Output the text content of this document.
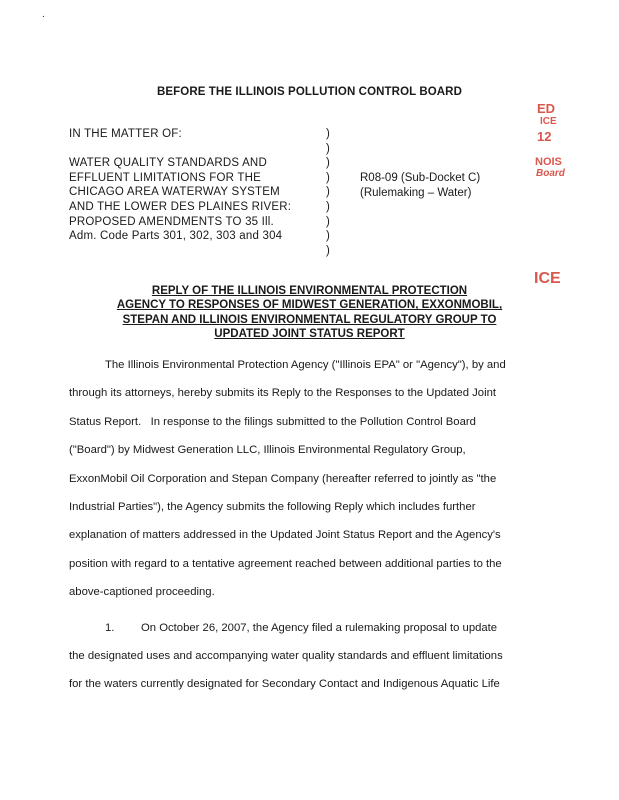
.
BEFORE THE ILLINOIS POLLUTION CONTROL BOARD
IN THE MATTER OF:
WATER QUALITY STANDARDS AND
EFFLUENT LIMITATIONS FOR THE
CHICAGO AREA WATERWAY SYSTEM
AND THE LOWER DES PLAINES RIVER:
PROPOSED AMENDMENTS TO 35 Ill.
Adm. Code Parts 301, 302, 303 and 304
)
)
)
)
)
)
)
)
)
R08-09 (Sub-Docket C)
(Rulemaking – Water)
ED
ICE
12
NOIS
Board
ICE
REPLY OF THE ILLINOIS ENVIRONMENTAL PROTECTION
AGENCY TO RESPONSES OF MIDWEST GENERATION, EXXONMOBIL,
STEPAN AND ILLINOIS ENVIRONMENTAL REGULATORY GROUP TO
UPDATED JOINT STATUS REPORT

The Illinois Environmental Protection Agency ("Illinois EPA" or "Agency"), by and
through its attorneys, hereby submits its Reply to the Responses to the Updated Joint
Status Report.   In response to the filings submitted to the Pollution Control Board
("Board") by Midwest Generation LLC, Illinois Environmental Regulatory Group,
ExxonMobil Oil Corporation and Stepan Company (hereafter referred to jointly as "the
Industrial Parties"), the Agency submits the following Reply which includes further
explanation of matters addressed in the Updated Joint Status Report and the Agency's
position with regard to a tentative agreement reached between additional parties to the
above-captioned proceeding.

1. On October 26, 2007, the Agency filed a rulemaking proposal to update
the designated uses and accompanying water quality standards and effluent limitations
for the waters currently designated for Secondary Contact and Indigenous Aquatic Life
